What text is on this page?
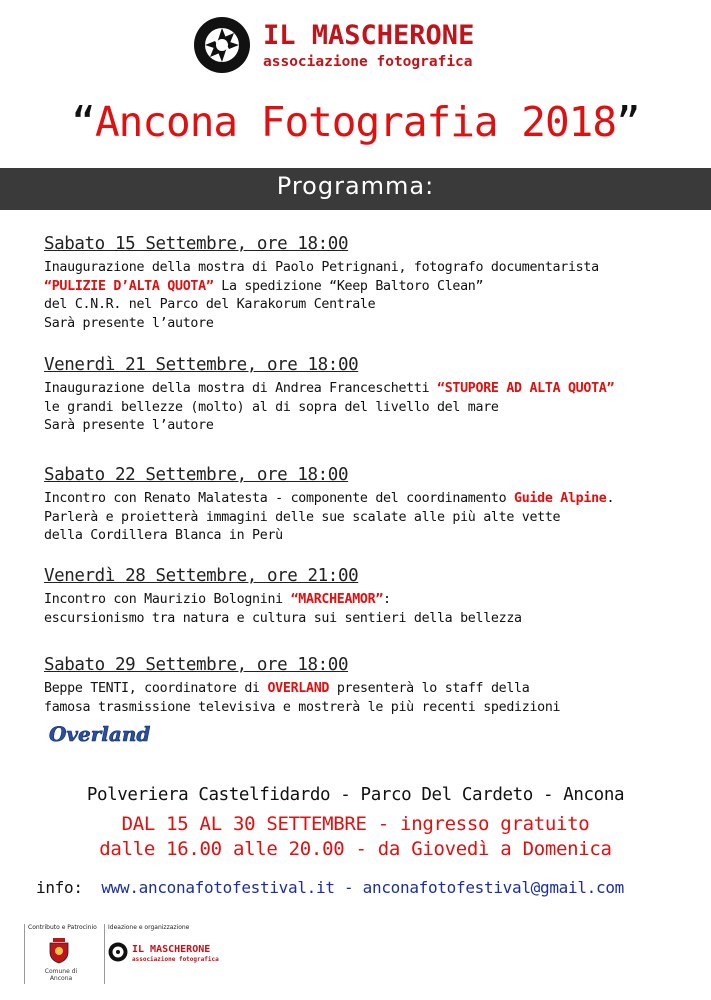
IL MASCHERONE
associazione fotografica
“Ancona Fotografia 2018”
Programma:
Sabato 15 Settembre, ore 18:00
Inaugurazione della mostra di Paolo Petrignani, fotografo documentarista
“PULIZIE D’ALTA QUOTA” La spedizione “Keep Baltoro Clean”
del C.N.R. nel Parco del Karakorum Centrale
Sarà presente l’autore
Venerdì 21 Settembre, ore 18:00
Inaugurazione della mostra di Andrea Franceschetti “STUPORE AD ALTA QUOTA”
le grandi bellezze (molto) al di sopra del livello del mare
Sarà presente l’autore
Sabato 22 Settembre, ore 18:00
Incontro con Renato Malatesta - componente del coordinamento Guide Alpine.
Parlerà e proietterà immagini delle sue scalate alle più alte vette
della Cordillera Blanca in Perù
Venerdì 28 Settembre, ore 21:00
Incontro con Maurizio Bolognini “MARCHEAMOR”:
escursionismo tra natura e cultura sui sentieri della bellezza
Sabato 29 Settembre, ore 18:00
Beppe TENTI, coordinatore di OVERLAND presenterà lo staff della
famosa trasmissione televisiva e mostrerà le più recenti spedizioni
Overland
Polveriera Castelfidardo - Parco Del Cardeto - Ancona
DAL 15 AL 30 SETTEMBRE - ingresso gratuito
dalle 16.00 alle 20.00 - da Giovedì a Domenica
info: www.anconafotofestival.it - anconafotofestival@gmail.com
Contributo e Patrocinio
Comune di
Ancona
Ideazione e organizzazione
IL MASCHERONE
associazione fotografica
